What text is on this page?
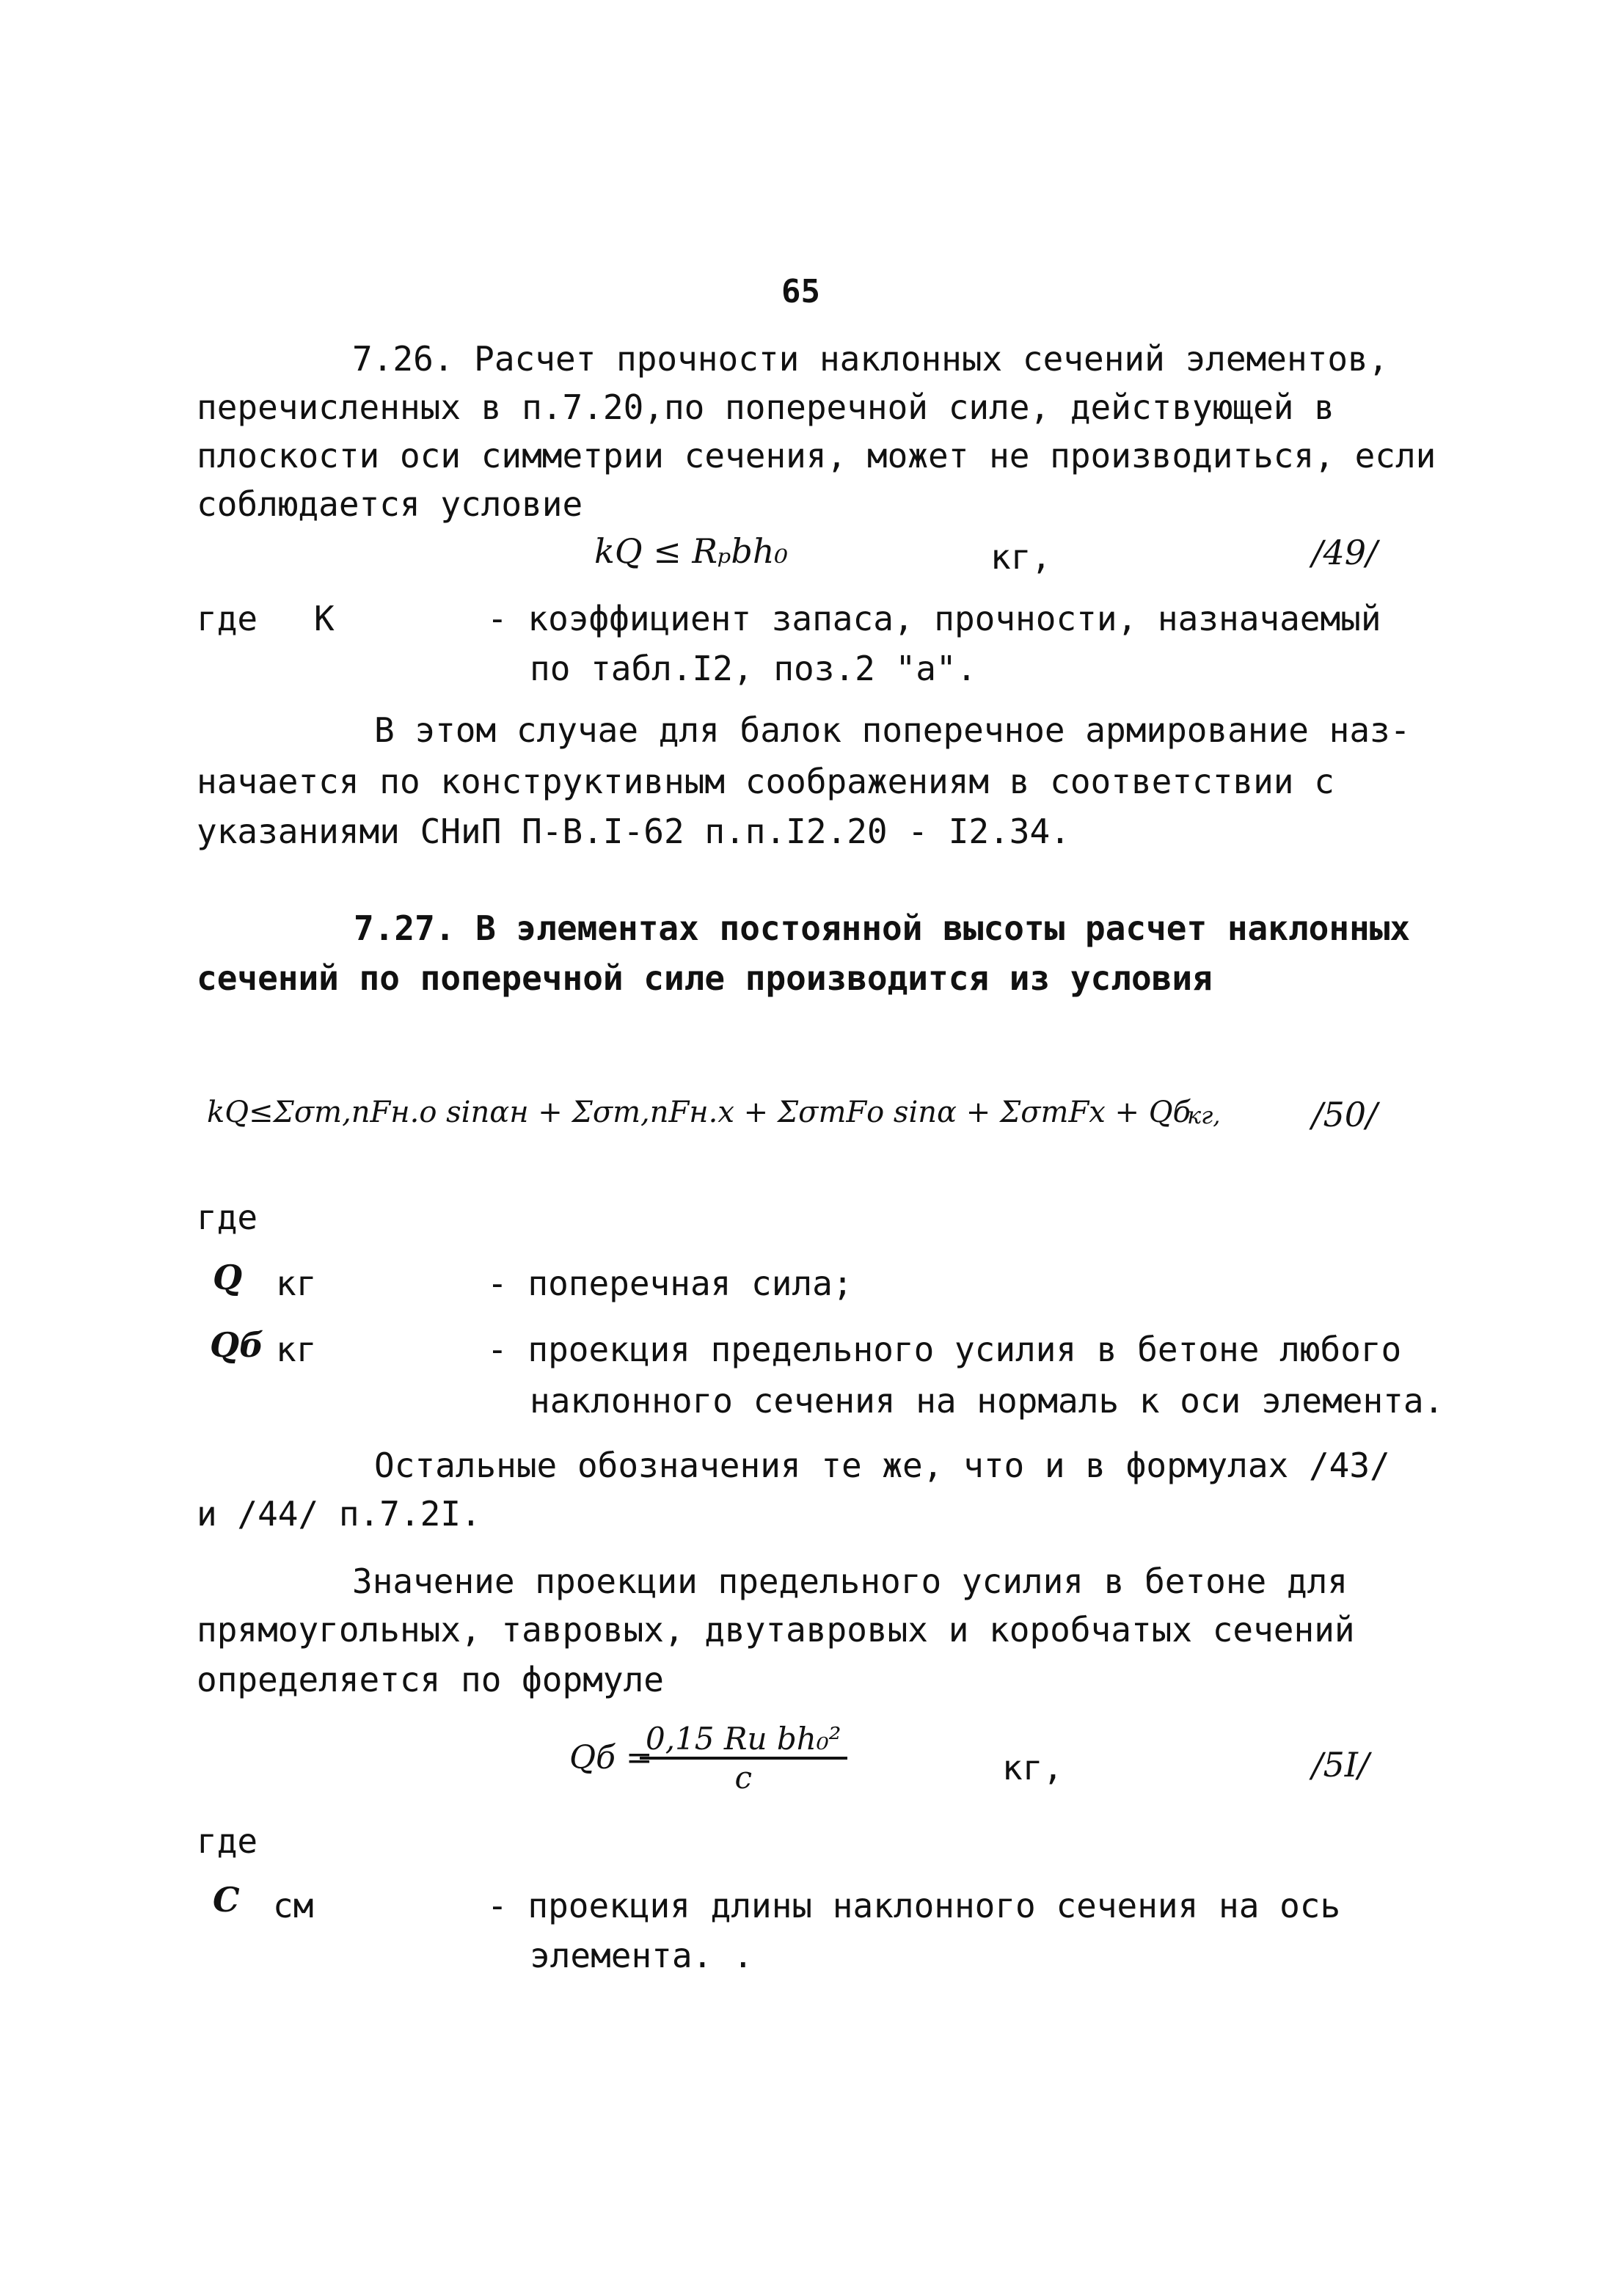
65
7.26. Расчет прочности наклонных сечений элементов,
перечисленных в п.7.20,по поперечной силе, действующей в
плоскости оси симметрии сечения, может не производиться, если
соблюдается условие
kQ ≤ Rₚbh₀	кг,	/49/
где К	- коэффициент запаса, прочности, назначаемый
по табл.I2, поз.2 "а".
В этом случае для балок поперечное армирование наз-
начается по конструктивным соображениям в соответствии с
указаниями СНиП П-В.I-62 п.п.I2.20 - I2.34.
7.27. В элементах постоянной высоты расчет наклонных
сечений по поперечной силе производится из условия
kQ≤Σσт,пFн.о sinαн + Σσт,пFн.х + ΣσтFо sinα + ΣσтFх + Qб
кг,	/50/
где
Q кг	- поперечная сила;
Qб кг	- проекция предельного усилия в бетоне любого
наклонного сечения на нормаль к оси элемента.
Остальные обозначения те же, что и в формулах /43/
и /44/ п.7.2I.
Значение проекции предельного усилия в бетоне для
прямоугольных, тавровых, двутавровых и коробчатых сечений
определяется по формуле
Qб =
0,15 Rи bh₀²
c	кг,	/5I/
где
C см	- проекция длины наклонного сечения на ось
элемента. .
